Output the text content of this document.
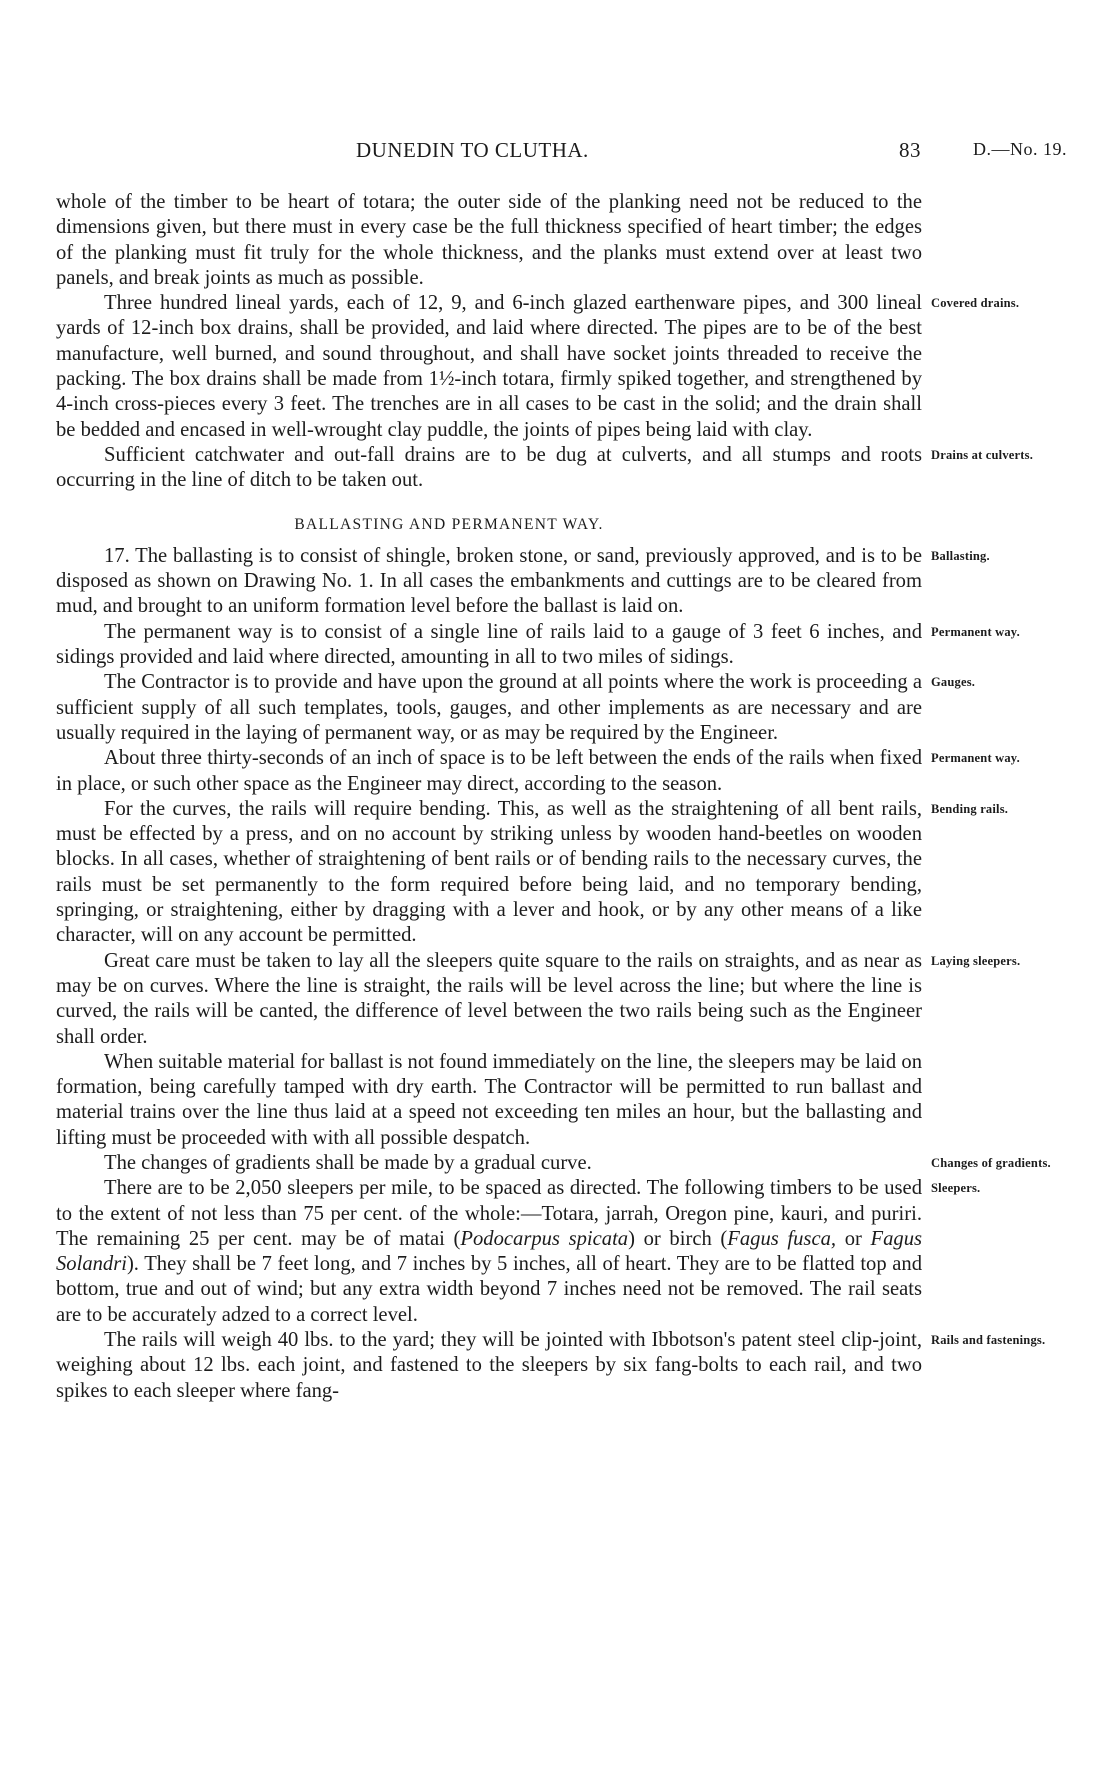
DUNEDIN TO CLUTHA.	83	D.—No. 19.

whole of the timber to be heart of totara; the outer side of the planking need not be reduced to the dimensions given, but there must in every case be the full thickness specified of heart timber; the edges of the planking must fit truly for the whole thickness, and the planks must extend over at least two panels, and break joints as much as possible.

Covered drains.
Three hundred lineal yards, each of 12, 9, and 6-inch glazed earthenware pipes, and 300 lineal yards of 12-inch box drains, shall be provided, and laid where directed. The pipes are to be of the best manufacture, well burned, and sound throughout, and shall have socket joints threaded to receive the packing. The box drains shall be made from 1½-inch totara, firmly spiked together, and strengthened by 4-inch cross-pieces every 3 feet. The trenches are in all cases to be cast in the solid; and the drain shall be bedded and encased in well-wrought clay puddle, the joints of pipes being laid with clay.

Drains at culverts.
Sufficient catchwater and out-fall drains are to be dug at culverts, and all stumps and roots occurring in the line of ditch to be taken out.

BALLASTING AND PERMANENT WAY.

Ballasting.
17. The ballasting is to consist of shingle, broken stone, or sand, previously approved, and is to be disposed as shown on Drawing No. 1. In all cases the embankments and cuttings are to be cleared from mud, and brought to an uniform formation level before the ballast is laid on.

Permanent way.
The permanent way is to consist of a single line of rails laid to a gauge of 3 feet 6 inches, and sidings provided and laid where directed, amounting in all to two miles of sidings.

Gauges.
The Contractor is to provide and have upon the ground at all points where the work is proceeding a sufficient supply of all such templates, tools, gauges, and other implements as are necessary and are usually required in the laying of permanent way, or as may be required by the Engineer.

Permanent way.
About three thirty-seconds of an inch of space is to be left between the ends of the rails when fixed in place, or such other space as the Engineer may direct, according to the season.

Bending rails.
For the curves, the rails will require bending. This, as well as the straightening of all bent rails, must be effected by a press, and on no account by striking unless by wooden hand-beetles on wooden blocks. In all cases, whether of straightening of bent rails or of bending rails to the necessary curves, the rails must be set permanently to the form required before being laid, and no temporary bending, springing, or straightening, either by dragging with a lever and hook, or by any other means of a like character, will on any account be permitted.

Laying sleepers.
Great care must be taken to lay all the sleepers quite square to the rails on straights, and as near as may be on curves. Where the line is straight, the rails will be level across the line; but where the line is curved, the rails will be canted, the difference of level between the two rails being such as the Engineer shall order.

When suitable material for ballast is not found immediately on the line, the sleepers may be laid on formation, being carefully tamped with dry earth. The Contractor will be permitted to run ballast and material trains over the line thus laid at a speed not exceeding ten miles an hour, but the ballasting and lifting must be proceeded with with all possible despatch.

Changes of gradients.
The changes of gradients shall be made by a gradual curve.

Sleepers.
There are to be 2,050 sleepers per mile, to be spaced as directed. The following timbers to be used to the extent of not less than 75 per cent. of the whole:—Totara, jarrah, Oregon pine, kauri, and puriri. The remaining 25 per cent. may be of matai (Podocarpus spicata) or birch (Fagus fusca, or Fagus Solandri). They shall be 7 feet long, and 7 inches by 5 inches, all of heart. They are to be flatted top and bottom, true and out of wind; but any extra width beyond 7 inches need not be removed. The rail seats are to be accurately adzed to a correct level.

Rails and fastenings.
The rails will weigh 40 lbs. to the yard; they will be jointed with Ibbotson's patent steel clip-joint, weighing about 12 lbs. each joint, and fastened to the sleepers by six fang-bolts to each rail, and two spikes to each sleeper where fang-
